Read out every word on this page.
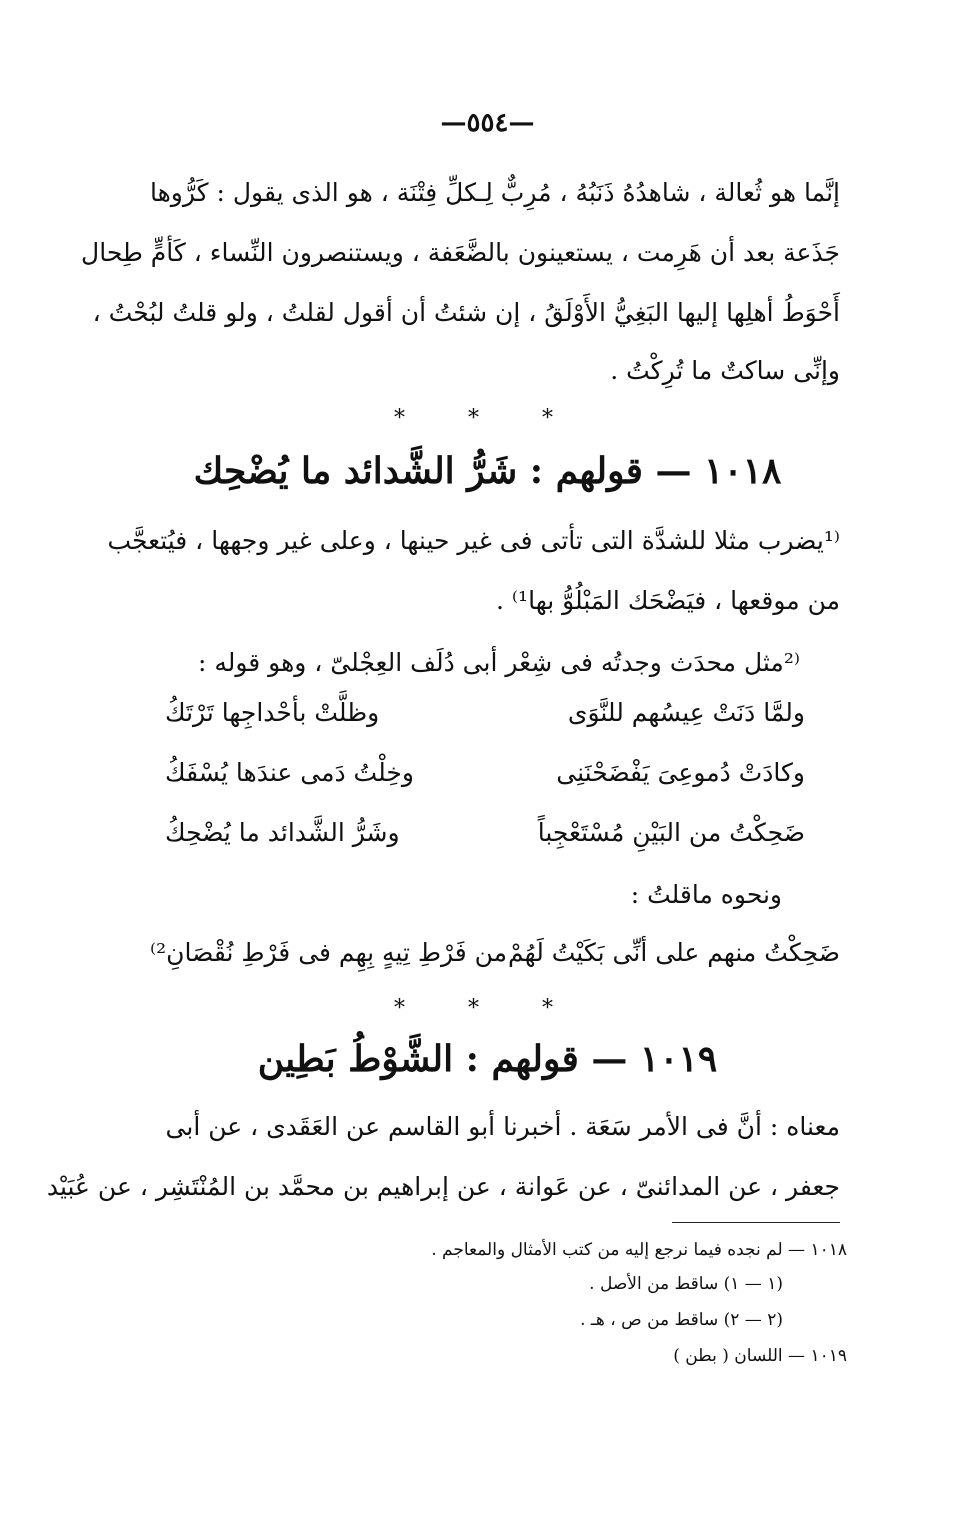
—٥٥٤—
إنَّما هو ثُعالة ، شاهدُهُ ذَنَبُهُ ، مُرِبٌّ لِـكلِّ فِتْنَة ، هو الذى يقول : كَرُّوها
جَذَعة بعد أن هَرِمت ، يستعينون بالضَّعَفة ، ويستنصرون النِّساء ، كَأمٍّ طِحال
أَحْوَطُ أهلِها إليها البَغِيُّ الأَوْلَقُ ، إن شئتُ أن أقول لقلتُ ، ولو قلتُ لبُحْتُ ،
وإنِّى ساكتٌ ما تُرِكْتُ .
* * *
١٠١٨ — قولهم : شَرُّ الشَّدائد ما يُضْحِك
⁽¹يضرب مثلا للشدَّة التى تأتى فى غير حينها ، وعلى غير وجهها ، فيُتعجَّب
من موقعها ، فيَضْحَك المَبْلُوُّ بها¹⁾ .
⁽²مثل محدَث وجدتُه فى شِعْر أبى دُلَف العِجْلىّ ، وهو قوله :
ولمَّا دَنَتْ عِيسُهم للنَّوَى
وظلَّتْ بأحْداجِها تَرْتَكُ
وكادَتْ دُموعِىَ يَفْضَحْنَنِى
وخِلْتُ دَمى عندَها يُسْفَكُ
ضَحِكْتُ من البَيْنِ مُسْتَعْجِباً
وشَرُّ الشَّدائد ما يُضْحِكُ
ونحوه ماقلتُ :
ضَحِكْتُ منهم على أنِّى بَكَيْتُ لَهُمْ
من فَرْطِ تِيهٍ بِهِم فى فَرْطِ نُقْصَانِ²⁾
* * *
١٠١٩ — قولهم : الشَّوْطُ بَطِين
معناه : أنَّ فى الأمر سَعَة . أخبرنا أبو القاسم عن العَقَدى ، عن أبى
جعفر ، عن المدائنىّ ، عن عَوانة ، عن إبراهيم بن محمَّد بن المُنْتَشِر ، عن عُبَيْد
١٠١٨ — لم نجده فيما نرجع إليه من كتب الأمثال والمعاجم .
(١ — ١) ساقط من الأصل .
(٢ — ٢) ساقط من ص ، هـ .
١٠١٩ — اللسان ( بطن )
